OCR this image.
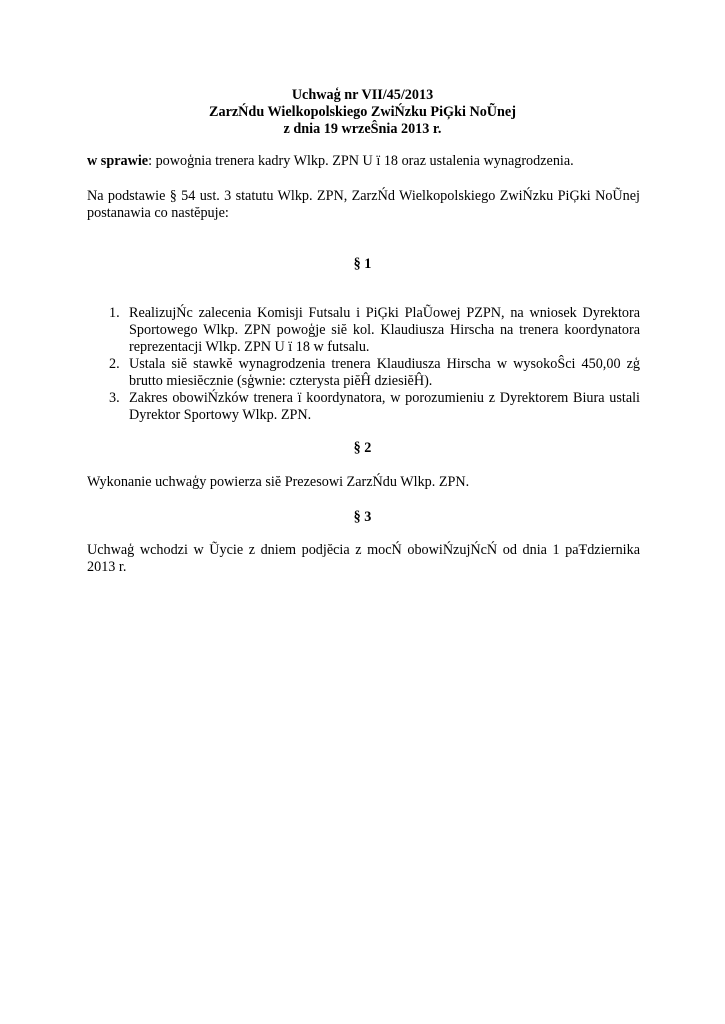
Uchwaģ nr VII/45/2013
ZarzŃdu Wielkopolskiego ZwiŃzku PiĢki NoŨnej
z dnia 19 wrzeŜnia 2013 r.
w sprawie: powoģnia trenera kadry Wlkp. ZPN U ï 18 oraz ustalenia wynagrodzenia.
Na podstawie § 54 ust. 3 statutu Wlkp. ZPN, ZarzŃd Wielkopolskiego ZwiŃzku PiĢki NoŨnej
postanawia co nastĕpuje:
§ 1
1. RealizujŃc zalecenia Komisji Futsalu i PiĢki PlaŨowej PZPN, na wniosek Dyrektora Sportowego Wlkp. ZPN powoģje siĕ kol. Klaudiusza Hirscha na trenera koordynatora reprezentacji Wlkp. ZPN U ï 18 w futsalu.
2. Ustala siĕ stawkĕ wynagrodzenia trenera Klaudiusza Hirscha w wysokoŜci 450,00 zģ brutto miesiĕcznie (sģwnie: czterysta piĕĤ dziesiĕĤ).
3. Zakres obowiŃzków trenera ï koordynatora, w porozumieniu z Dyrektorem Biura ustali Dyrektor Sportowy Wlkp. ZPN.
§ 2
Wykonanie uchwaģy powierza siĕ Prezesowi ZarzŃdu Wlkp. ZPN.
§ 3
Uchwaģ wchodzi w Ũycie z dniem podjĕcia z mocŃ obowiŃzujŃcŃ od dnia 1 paŦdziernika 2013 r.
